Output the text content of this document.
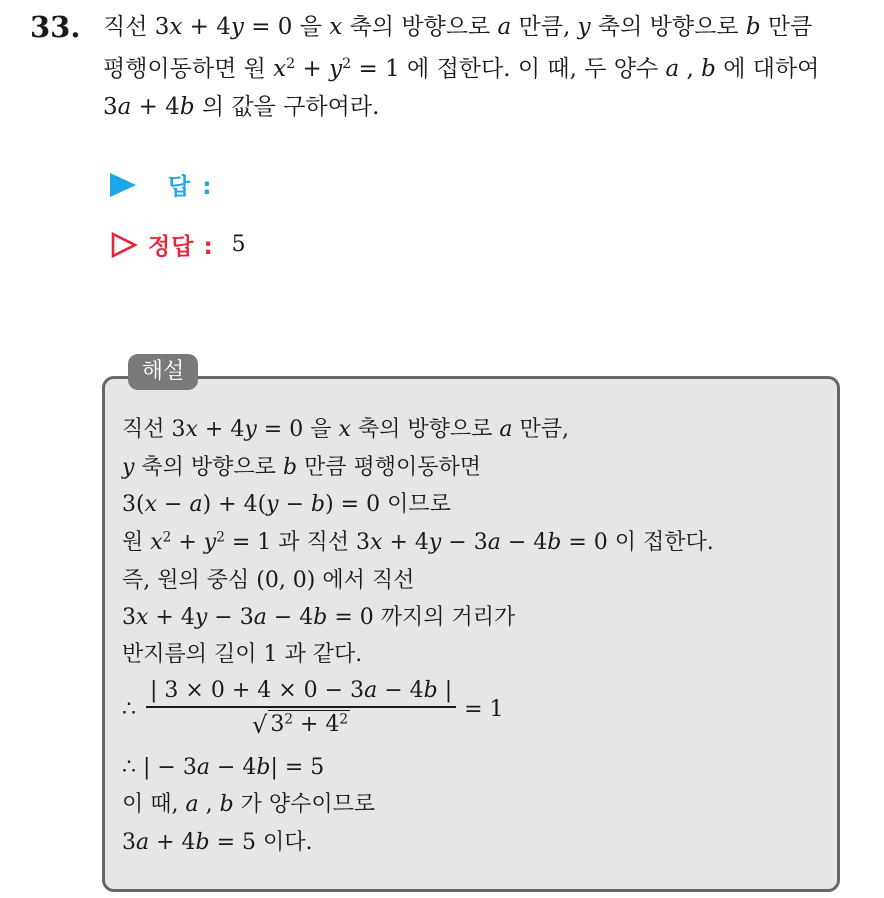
33. 직선 3x + 4y = 0 을 x 축의 방향으로 a 만큼, y 축의 방향으로 b 만큼
평행이동하면 원 $x^2 + y^2 = 1$ 에 접한다. 이 때, 두 양수 a , b 에 대하여
3a + 4b 의 값을 구하여라.
답 :
정답 : 5
해설
직선 3x + 4y = 0 을 x 축의 방향으로 a 만큼,
y 축의 방향으로 b 만큼 평행이동하면
3(x − a) + 4(y − b) = 0 이므로
원 $x^2 + y^2 = 1$ 과 직선 3x + 4y − 3a − 4b = 0 이 접한다.
즉, 원의 중심 (0, 0) 에서 직선
3x + 4y − 3a − 4b = 0 까지의 거리가
반지름의 길이 1 과 같다.
∴ $\frac{| 3 \times 0 + 4 \times 0 - 3a - 4b |}{√ 3^2 + 4^2} = 1$
∴ | − 3a − 4b| = 5
이 때, a , b 가 양수이므로
3a + 4b = 5 이다.
